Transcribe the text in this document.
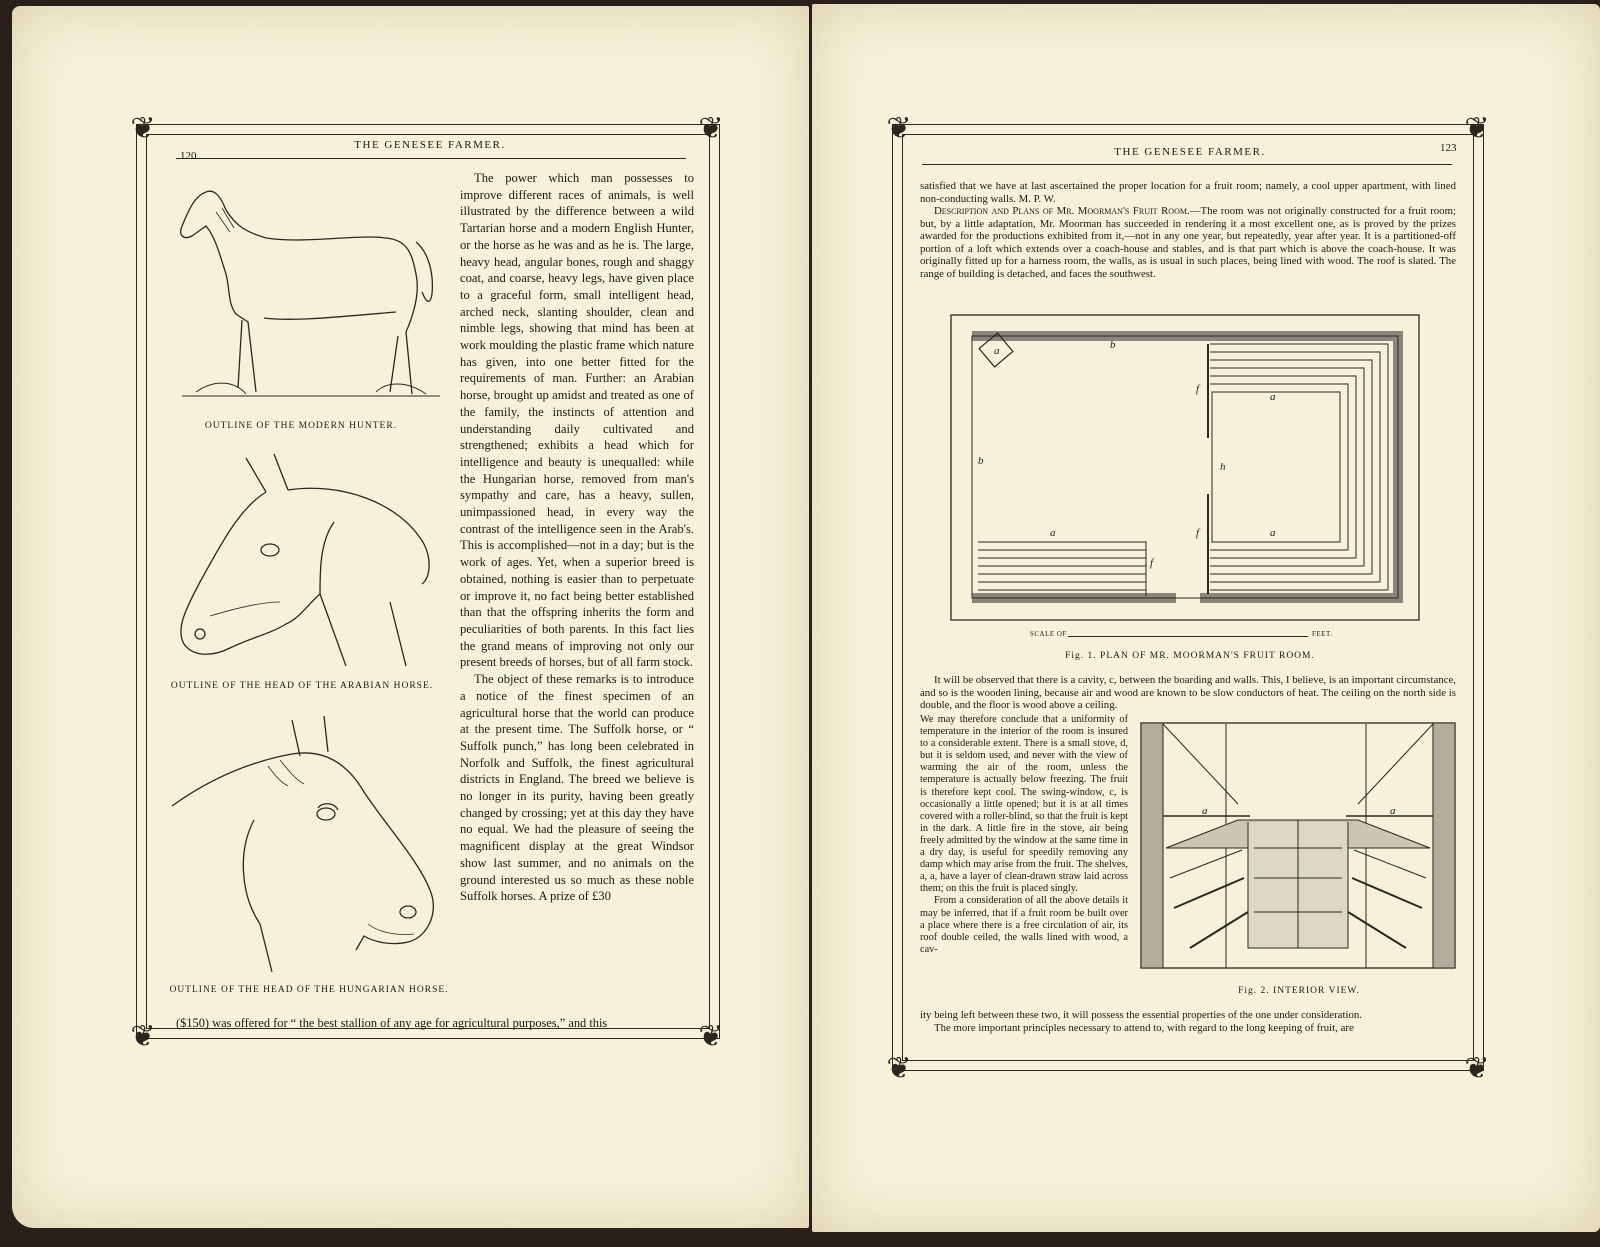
❦	❦
❦	❦
120
THE GENESEE FARMER.
OUTLINE OF THE MODERN HUNTER.
OUTLINE OF THE HEAD OF THE ARABIAN HORSE.
OUTLINE OF THE HEAD OF THE HUNGARIAN HORSE.

The power which man possesses to improve different races of animals, is well illustrated by the difference between a wild Tartarian horse and a modern English Hunter, or the horse as he was and as he is. The large, heavy head, angular bones, rough and shaggy coat, and coarse, heavy legs, have given place to a graceful form, small intelligent head, arched neck, slanting shoulder, clean and nimble legs, showing that mind has been at work moulding the plastic frame which nature has given, into one better fitted for the requirements of man. Further: an Arabian horse, brought up amidst and treated as one of the family, the instincts of attention and understanding daily cultivated and strengthened; exhibits a head which for intelligence and beauty is unequalled: while the Hungarian horse, removed from man's sympathy and care, has a heavy, sullen, unimpassioned head, in every way the contrast of the intelligence seen in the Arab's. This is accomplished—not in a day; but is the work of ages. Yet, when a superior breed is obtained, nothing is easier than to perpetuate or improve it, no fact being better established than that the offspring inherits the form and peculiarities of both parents. In this fact lies the grand means of improving not only our present breeds of horses, but of all farm stock.

The object of these remarks is to introduce a notice of the finest specimen of an agricultural horse that the world can produce at the present time. The Suffolk horse, or “ Suffolk punch,” has long been celebrated in Norfolk and Suffolk, the finest agricultural districts in England. The breed we believe is no longer in its purity, having been greatly changed by crossing; yet at this day they have no equal. We had the pleasure of seeing the magnificent display at the great Windsor show last summer, and no animals on the ground interested us so much as these noble Suffolk horses. A prize of £30

($150) was offered for “ the best stallion of any age for agricultural purposes,” and this
❦	❦
❦	❦
THE GENESEE FARMER.	123
satisfied that we have at last ascertained the proper location for a fruit room; namely, a cool upper apartment, with lined non-conducting walls. M. P. W.

Description and Plans of Mr. Moorman's Fruit Room.—The room was not originally constructed for a fruit room; but, by a little adaptation, Mr. Moorman has succeeded in rendering it a most excellent one, as is proved by the prizes awarded for the productions exhibited from it,—not in any one year, but repeatedly, year after year. It is a partitioned-off portion of a loft which extends over a coach-house and stables, and is that part which is above the coach-house. It was originally fitted up for a harness room, the walls, as is usual in such places, being lined with wood. The roof is slated. The range of building is detached, and faces the southwest.

a	b
b
a
a	a
f
f
f
h
SCALE OF	FEET.
Fig. 1. PLAN OF MR. MOORMAN'S FRUIT ROOM.

It will be observed that there is a cavity, c, between the boarding and walls. This, I believe, is an important circumstance, and so is the wooden lining, because air and wood are known to be slow conductors of heat. The ceiling on the north side is double, and the floor is wood above a ceiling.

We may therefore conclude that a uniformity of temperature in the interior of the room is insured to a considerable extent. There is a small stove, d, but it is seldom used, and never with the view of warming the air of the room, unless the temperature is actually below freezing. The fruit is therefore kept cool. The swing-window, c, is occasionally a little opened; but it is at all times covered with a roller-blind, so that the fruit is kept in the dark. A little fire in the stove, air being freely admitted by the window at the same time in a dry day, is useful for speedily removing any damp which may arise from the fruit. The shelves, a, a, have a layer of clean-drawn straw laid across them; on this the fruit is placed singly.

From a consideration of all the above details it may be inferred, that if a fruit room be built over a place where there is a free circulation of air, its roof double ceiled, the walls lined with wood, a cav-

a	a
Fig. 2. INTERIOR VIEW.
ity being left between these two, it will possess the essential properties of the one under consideration.

The more important principles necessary to attend to, with regard to the long keeping of fruit, are
